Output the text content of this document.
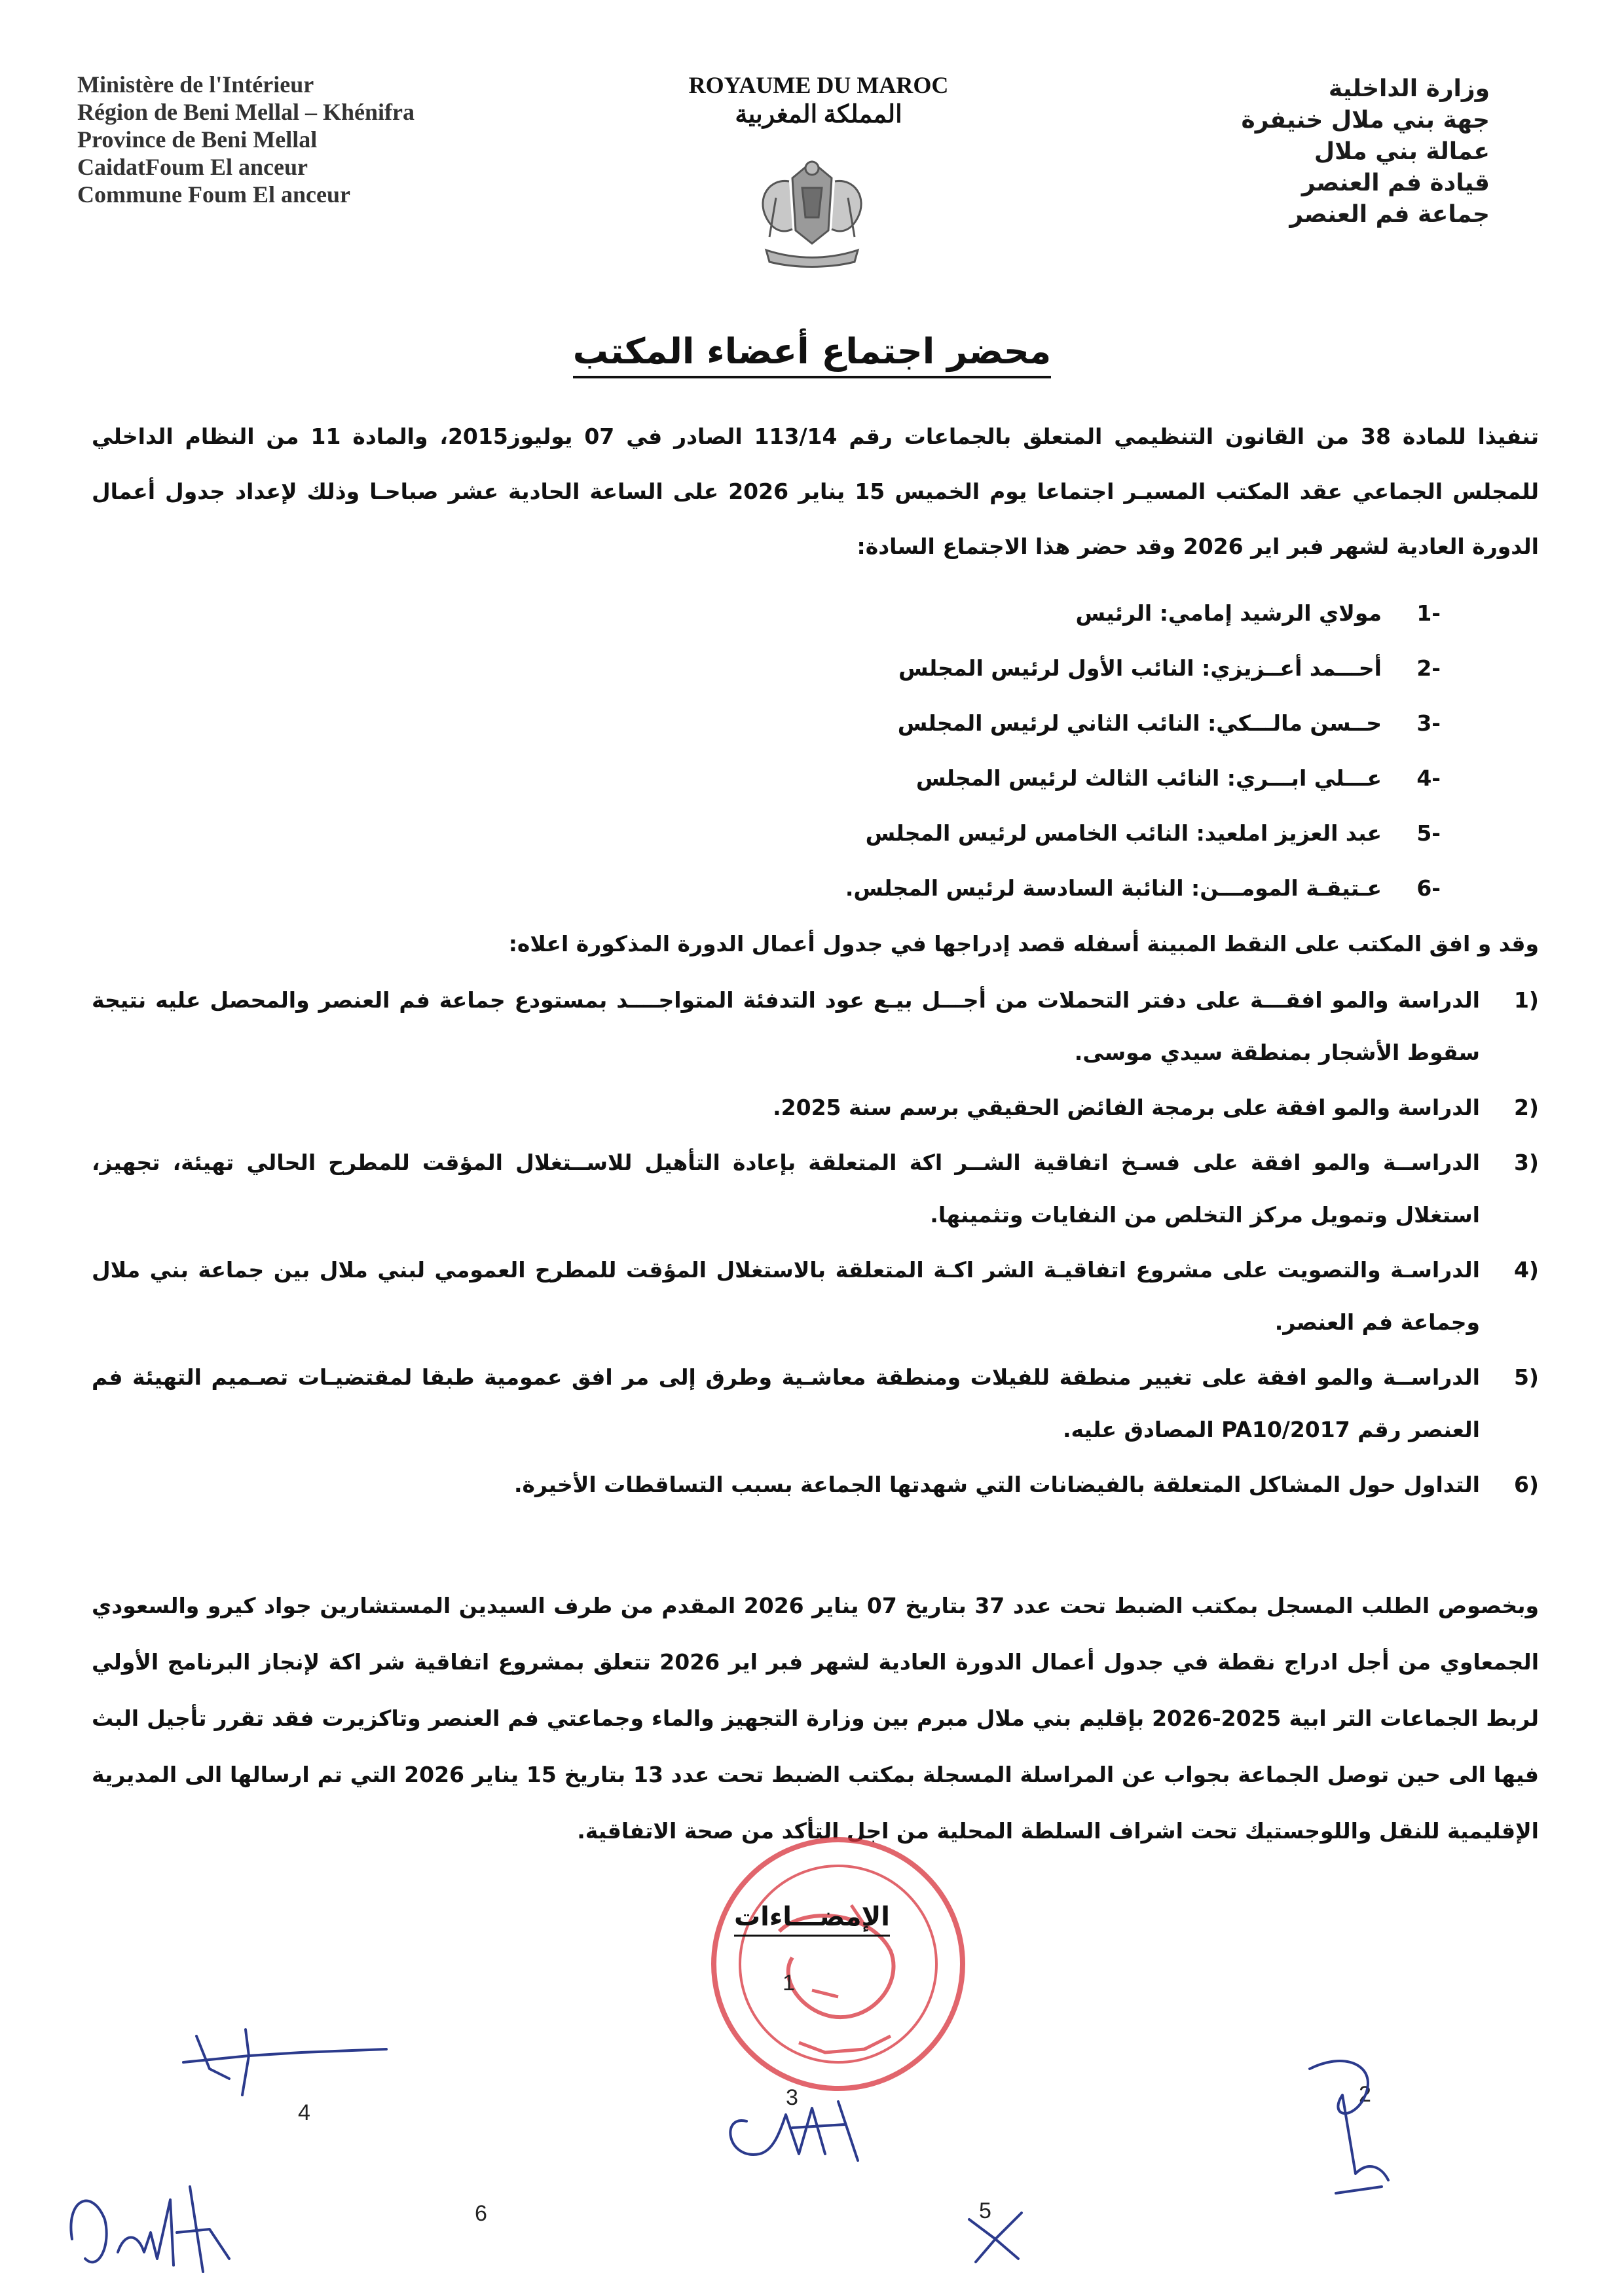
Ministère de l'Intérieur
Région de Beni Mellal – Khénifra
Province de Beni Mellal
CaidatFoum El anceur
Commune Foum El anceur
ROYAUME DU MAROC
المملكة المغربية
وزارة الداخلية
جهة بني ملال خنيفرة
عمالة بني ملال
قيادة فم العنصر
جماعة فم العنصر
محضر اجتماع أعضاء المكتب
تنفيذا للمادة 38 من القانون التنظيمي المتعلق بالجماعات رقم 113/14 الصادر في 07 يوليوز2015، والمادة 11 من النظام الداخلي للمجلس الجماعي عقد المكتب المسيـر اجتماعا يوم الخميس 15 يناير 2026 على الساعة الحادية عشر صباحـا وذلك لإعداد جدول أعمال الدورة العادية لشهر فبر اير 2026 وقد حضر هذا الاجتماع السادة:
-1
مولاي الرشيد إمامي: الرئيس
-2
أحـــمد أعــزيزي: النائب الأول لرئيس المجلس
-3
حــسن مالـــكي: النائب الثاني لرئيس المجلس
-4
عـــلي ابـــري: النائب الثالث لرئيس المجلس
-5
عبد العزيز املعيد: النائب الخامس لرئيس المجلس
-6
عـتيقـة المومـــن: النائبة السادسة لرئيس المجلس.
وقد و افق المكتب على النقط المبينة أسفله قصد إدراجها في جدول أعمال الدورة المذكورة اعلاه:
(1
الدراسة والمو افقـــة على دفتر التحملات من أجـــل بيـع عود التدفئة المتواجــــد بمستودع جماعة فم العنصر والمحصل عليه نتيجة سقوط الأشجار بمنطقة سيدي موسى.
(2
الدراسة والمو افقة على برمجة الفائض الحقيقي برسم سنة 2025.
(3
الدراســة والمو افقة على فسـخ اتفاقية الشــر اكة المتعلقة بإعادة التأهيل للاســتغلال المؤقت للمطرح الحالي تهيئة، تجهيز، استغلال وتمويل مركز التخلص من النفايات وتثمينها.
(4
الدراسـة والتصويت على مشروع اتفاقيـة الشر اكـة المتعلقة بالاستغلال المؤقت للمطرح العمومي لبني ملال بين جماعة بني ملال وجماعة فم العنصر.
(5
الدراســة والمو افقة على تغيير منطقة للفيلات ومنطقة معاشـية وطرق إلى مر افق عمومية طبقا لمقتضيـات تصـميم التهيئة فم العنصر رقم PA10/2017 المصادق عليه.
(6
التداول حول المشاكل المتعلقة بالفيضانات التي شهدتها الجماعة بسبب التساقطات الأخيرة.
وبخصوص الطلب المسجل بمكتب الضبط تحت عدد 37 بتاريخ 07 يناير 2026 المقدم من طرف السيدين المستشارين جواد كيرو والسعودي الجمعاوي من أجل ادراج نقطة في جدول أعمال الدورة العادية لشهر فبر اير 2026 تتعلق بمشروع اتفاقية شر اكة لإنجاز البرنامج الأولي لربط الجماعات التر ابية 2025-2026 بإقليم بني ملال مبرم بين وزارة التجهيز والماء وجماعتي فم العنصر وتاكزيرت فقد تقرر تأجيل البث فيها الى حين توصل الجماعة بجواب عن المراسلة المسجلة بمكتب الضبط تحت عدد 13 بتاريخ 15 يناير 2026 التي تم ارسالها الى المديرية الإقليمية للنقل واللوجستيك تحت اشراف السلطة المحلية من اجل التأكد من صحة الاتفاقية.
الإمضـــاءات
1
2
3
4
5
6
